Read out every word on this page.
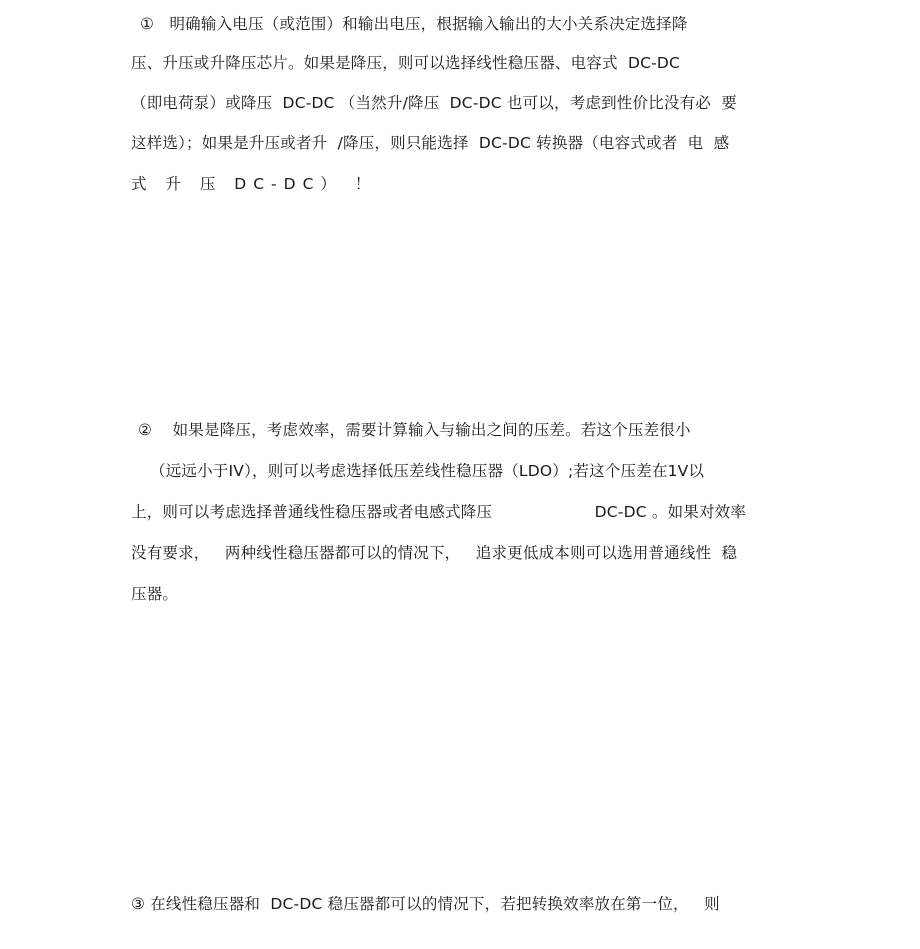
①   明确输入电压（或范围）和输出电压，根据输入输出的大小关系决定选择降
压、升压或升降压芯片。如果是降压，则可以选择线性稳压器、电容式  DC-DC
（即电荷泵）或降压  DC-DC （当然升/降压  DC-DC 也可以，考虑到性价比没有必  要
这样选）；如果是升压或者升  /降压，则只能选择  DC-DC 转换器（电容式或者  电  感
式 升 压 DC-DC） ！
②    如果是降压，考虑效率，需要计算输入与输出之间的压差。若这个压差很小
（远远小于IV），则可以考虑选择低压差线性稳压器（LDO）;若这个压差在1V以
上，则可以考虑选择普通线性稳压器或者电感式降压                    DC-DC 。如果对效率
没有要求，   两种线性稳压器都可以的情况下，   追求更低成本则可以选用普通线性  稳
压器。
③ 在线性稳压器和  DC-DC 稳压器都可以的情况下，若把转换效率放在第一位，   则
